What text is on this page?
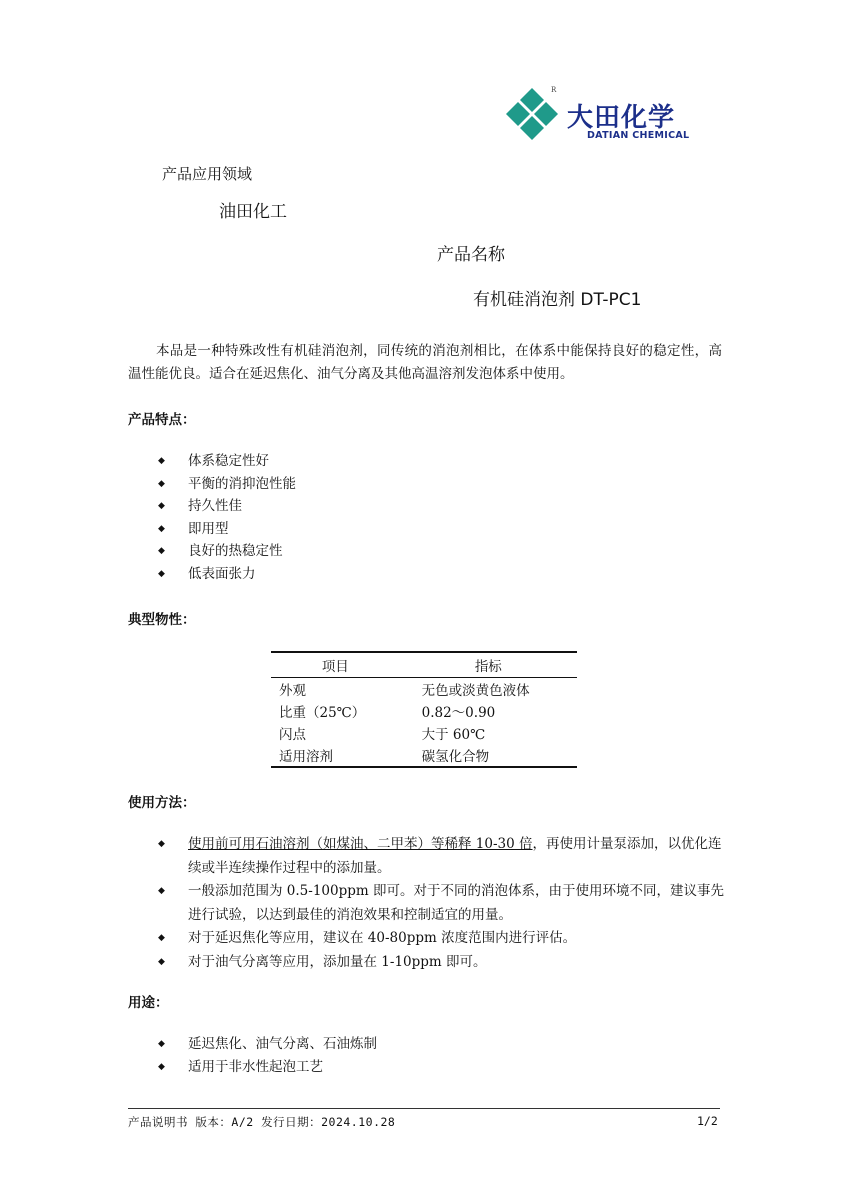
R
大田化学
DATIAN CHEMICAL
产品应用领域
油田化工
产品名称
有机硅消泡剂 DT-PC1
本品是一种特殊改性有机硅消泡剂，同传统的消泡剂相比，在体系中能保持良好的稳定性，高温性能优良。适合在延迟焦化、油气分离及其他高温溶剂发泡体系中使用。
产品特点：
◆ 体系稳定性好
◆ 平衡的消抑泡性能
◆ 持久性佳
◆ 即用型
◆ 良好的热稳定性
◆ 低表面张力
典型物性：
项目	指标
外观	无色或淡黄色液体
比重（25℃）	0.82～0.90
闪点	大于 60℃
适用溶剂	碳氢化合物
使用方法：
◆ 使用前可用石油溶剂（如煤油、二甲苯）等稀释 10-30 倍，再使用计量泵添加，以优化连续或半连续操作过程中的添加量。
◆ 一般添加范围为 0.5-100ppm 即可。对于不同的消泡体系，由于使用环境不同，建议事先进行试验，以达到最佳的消泡效果和控制适宜的用量。
◆ 对于延迟焦化等应用，建议在 40-80ppm 浓度范围内进行评估。
◆ 对于油气分离等应用，添加量在 1-10ppm 即可。
用途：
◆ 延迟焦化、油气分离、石油炼制
◆ 适用于非水性起泡工艺
产品说明书 版本：A/2 发行日期：2024.10.28	1/2
